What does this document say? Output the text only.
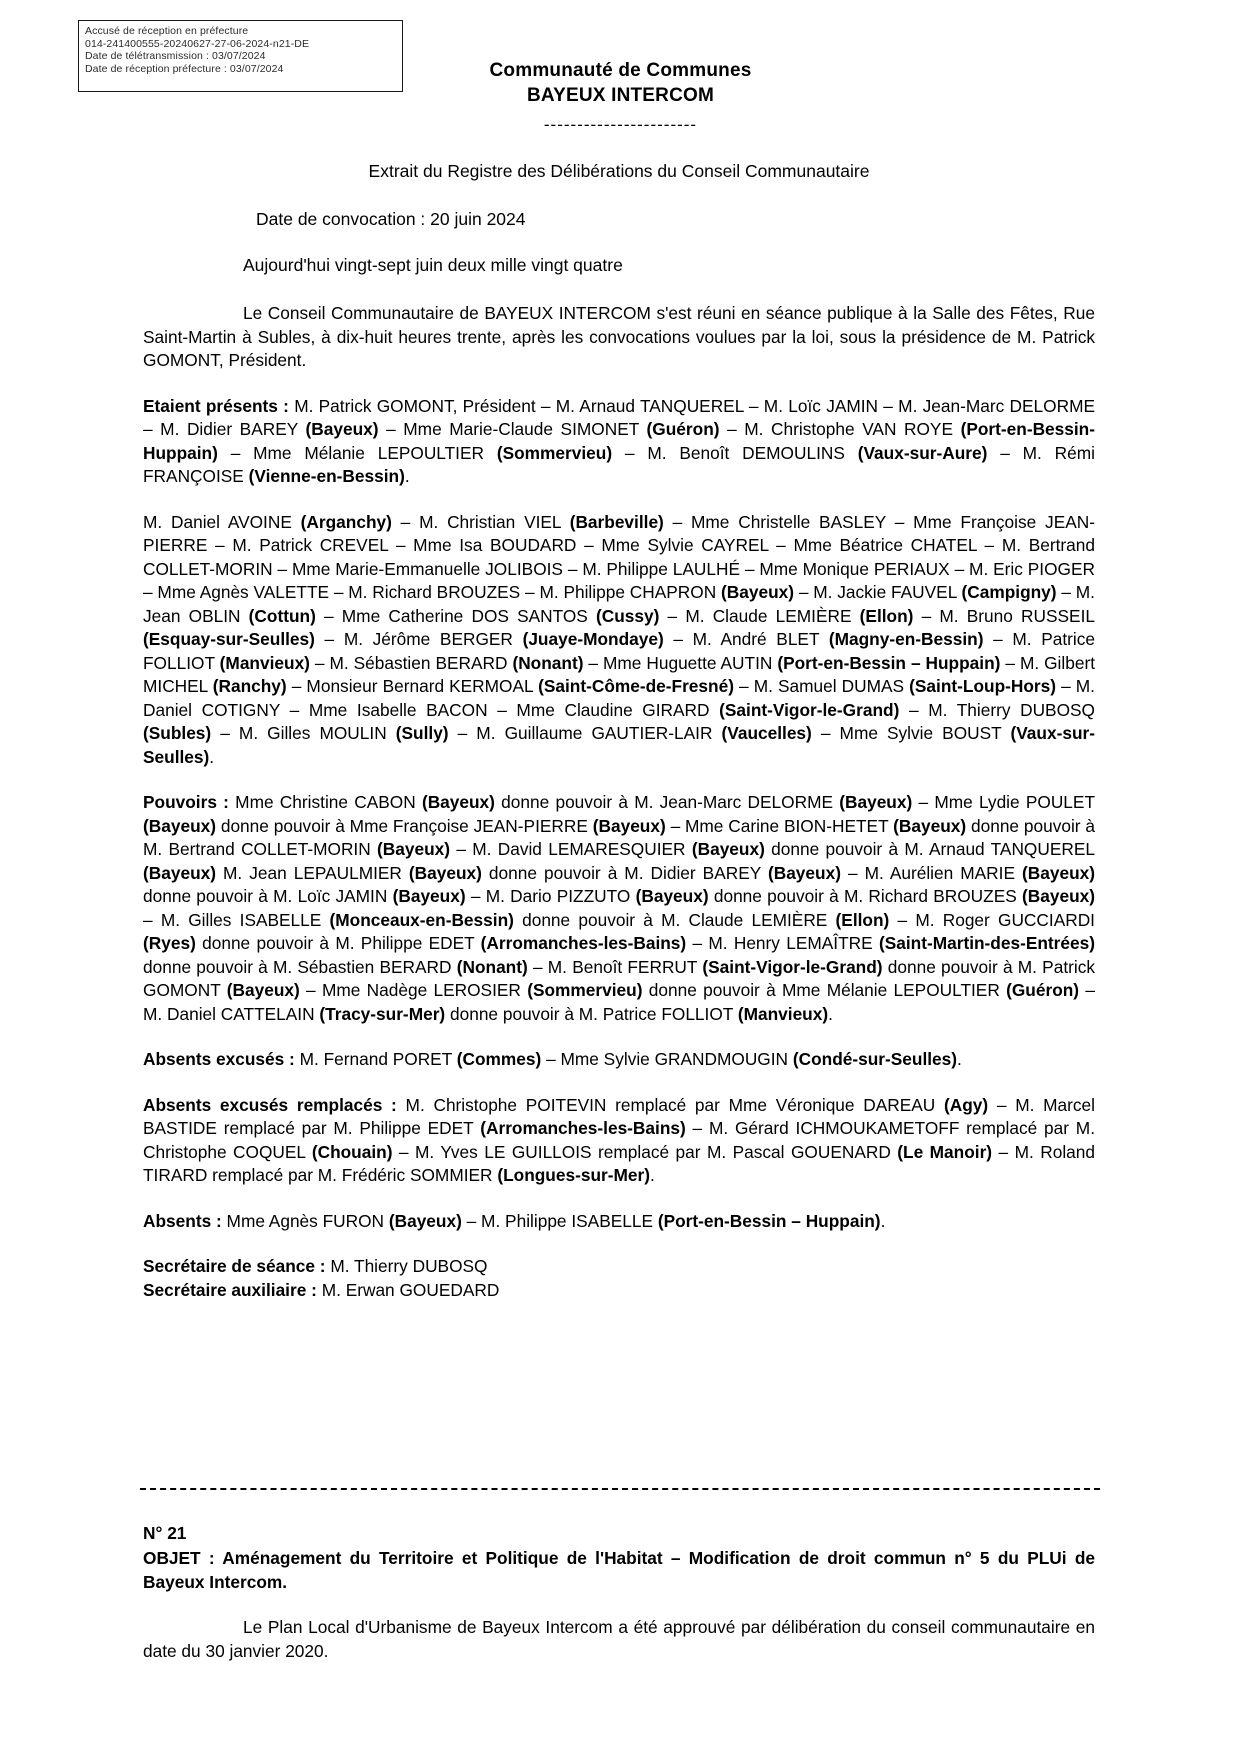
Accusé de réception en préfecture
014-241400555-20240627-27-06-2024-n21-DE
Date de télétransmission : 03/07/2024
Date de réception préfecture : 03/07/2024	Communauté de Communes
BAYEUX INTERCOM
-----------------------
Extrait du Registre des Délibérations du Conseil Communautaire
Date de convocation : 20 juin 2024
Aujourd'hui vingt-sept juin deux mille vingt quatre
Le Conseil Communautaire de BAYEUX INTERCOM s'est réuni en séance publique à la Salle des Fêtes, Rue Saint-Martin à Subles, à dix-huit heures trente, après les convocations voulues par la loi, sous la présidence de M. Patrick GOMONT, Président.
Etaient présents : M. Patrick GOMONT, Président – M. Arnaud TANQUEREL – M. Loïc JAMIN – M. Jean-Marc DELORME – M. Didier BAREY (Bayeux) – Mme Marie-Claude SIMONET (Guéron) – M. Christophe VAN ROYE (Port-en-Bessin-Huppain) – Mme Mélanie LEPOULTIER (Sommervieu) – M. Benoît DEMOULINS (Vaux-sur-Aure) – M. Rémi FRANÇOISE (Vienne-en-Bessin).
M. Daniel AVOINE (Arganchy) – M. Christian VIEL (Barbeville) – Mme Christelle BASLEY – Mme Françoise JEAN-PIERRE – M. Patrick CREVEL – Mme Isa BOUDARD – Mme Sylvie CAYREL – Mme Béatrice CHATEL – M. Bertrand COLLET-MORIN – Mme Marie-Emmanuelle JOLIBOIS – M. Philippe LAULHÉ – Mme Monique PERIAUX – M. Eric PIOGER – Mme Agnès VALETTE – M. Richard BROUZES – M. Philippe CHAPRON (Bayeux) – M. Jackie FAUVEL (Campigny) – M. Jean OBLIN (Cottun) – Mme Catherine DOS SANTOS (Cussy) – M. Claude LEMIÈRE (Ellon) – M. Bruno RUSSEIL (Esquay-sur-Seulles) – M. Jérôme BERGER (Juaye-Mondaye) – M. André BLET (Magny-en-Bessin) – M. Patrice FOLLIOT (Manvieux) – M. Sébastien BERARD (Nonant) – Mme Huguette AUTIN (Port-en-Bessin – Huppain) – M. Gilbert MICHEL (Ranchy) – Monsieur Bernard KERMOAL (Saint-Côme-de-Fresné) – M. Samuel DUMAS (Saint-Loup-Hors) – M. Daniel COTIGNY – Mme Isabelle BACON – Mme Claudine GIRARD (Saint-Vigor-le-Grand) – M. Thierry DUBOSQ (Subles) – M. Gilles MOULIN (Sully) – M. Guillaume GAUTIER-LAIR (Vaucelles) – Mme Sylvie BOUST (Vaux-sur-Seulles).
Pouvoirs : Mme Christine CABON (Bayeux) donne pouvoir à M. Jean-Marc DELORME (Bayeux) – Mme Lydie POULET (Bayeux) donne pouvoir à Mme Françoise JEAN-PIERRE (Bayeux) – Mme Carine BION-HETET (Bayeux) donne pouvoir à M. Bertrand COLLET-MORIN (Bayeux) – M. David LEMARESQUIER (Bayeux) donne pouvoir à M. Arnaud TANQUEREL (Bayeux) M. Jean LEPAULMIER (Bayeux) donne pouvoir à M. Didier BAREY (Bayeux) – M. Aurélien MARIE (Bayeux) donne pouvoir à M. Loïc JAMIN (Bayeux) – M. Dario PIZZUTO (Bayeux) donne pouvoir à M. Richard BROUZES (Bayeux) – M. Gilles ISABELLE (Monceaux-en-Bessin) donne pouvoir à M. Claude LEMIÈRE (Ellon) – M. Roger GUCCIARDI (Ryes) donne pouvoir à M. Philippe EDET (Arromanches-les-Bains) – M. Henry LEMAÎTRE (Saint-Martin-des-Entrées) donne pouvoir à M. Sébastien BERARD (Nonant) – M. Benoît FERRUT (Saint-Vigor-le-Grand) donne pouvoir à M. Patrick GOMONT (Bayeux) – Mme Nadège LEROSIER (Sommervieu) donne pouvoir à Mme Mélanie LEPOULTIER (Guéron) – M. Daniel CATTELAIN (Tracy-sur-Mer) donne pouvoir à M. Patrice FOLLIOT (Manvieux).
Absents excusés : M. Fernand PORET (Commes) – Mme Sylvie GRANDMOUGIN (Condé-sur-Seulles).
Absents excusés remplacés : M. Christophe POITEVIN remplacé par Mme Véronique DAREAU (Agy) – M. Marcel BASTIDE remplacé par M. Philippe EDET (Arromanches-les-Bains) – M. Gérard ICHMOUKAMETOFF remplacé par M. Christophe COQUEL (Chouain) – M. Yves LE GUILLOIS remplacé par M. Pascal GOUENARD (Le Manoir) – M. Roland TIRARD remplacé par M. Frédéric SOMMIER (Longues-sur-Mer).
Absents : Mme Agnès FURON (Bayeux) – M. Philippe ISABELLE (Port-en-Bessin – Huppain).
Secrétaire de séance : M. Thierry DUBOSQ
Secrétaire auxiliaire : M. Erwan GOUEDARD
N° 21
OBJET : Aménagement du Territoire et Politique de l'Habitat – Modification de droit commun n° 5 du PLUi de Bayeux Intercom.
Le Plan Local d'Urbanisme de Bayeux Intercom a été approuvé par délibération du conseil communautaire en date du 30 janvier 2020.
